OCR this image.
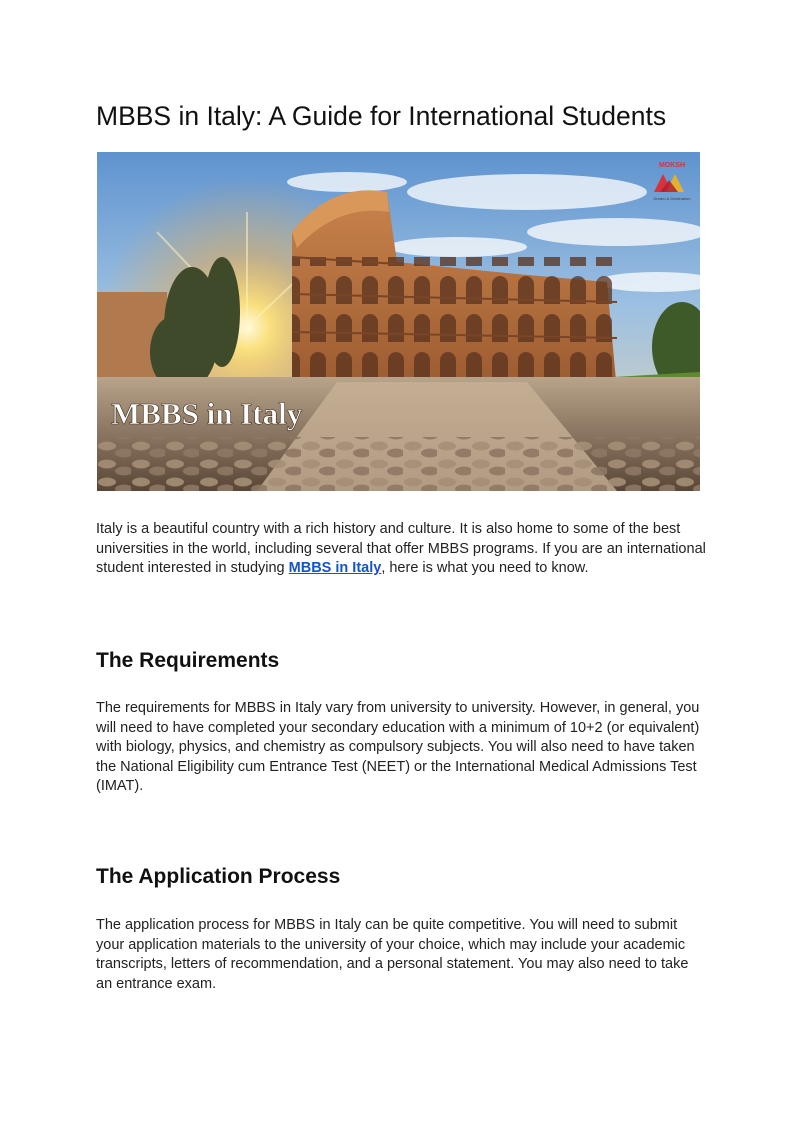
MBBS in Italy: A Guide for International Students
MBBS in Italy
MOKSH
Dream & Destination

Italy is a beautiful country with a rich history and culture. It is also home to some of the best universities in the world, including several that offer MBBS programs. If you are an international student interested in studying MBBS in Italy, here is what you need to know.

The Requirements

The requirements for MBBS in Italy vary from university to university. However, in general, you will need to have completed your secondary education with a minimum of 10+2 (or equivalent) with biology, physics, and chemistry as compulsory subjects. You will also need to have taken the National Eligibility cum Entrance Test (NEET) or the International Medical Admissions Test (IMAT).

The Application Process

The application process for MBBS in Italy can be quite competitive. You will need to submit your application materials to the university of your choice, which may include your academic transcripts, letters of recommendation, and a personal statement. You may also need to take an entrance exam.
